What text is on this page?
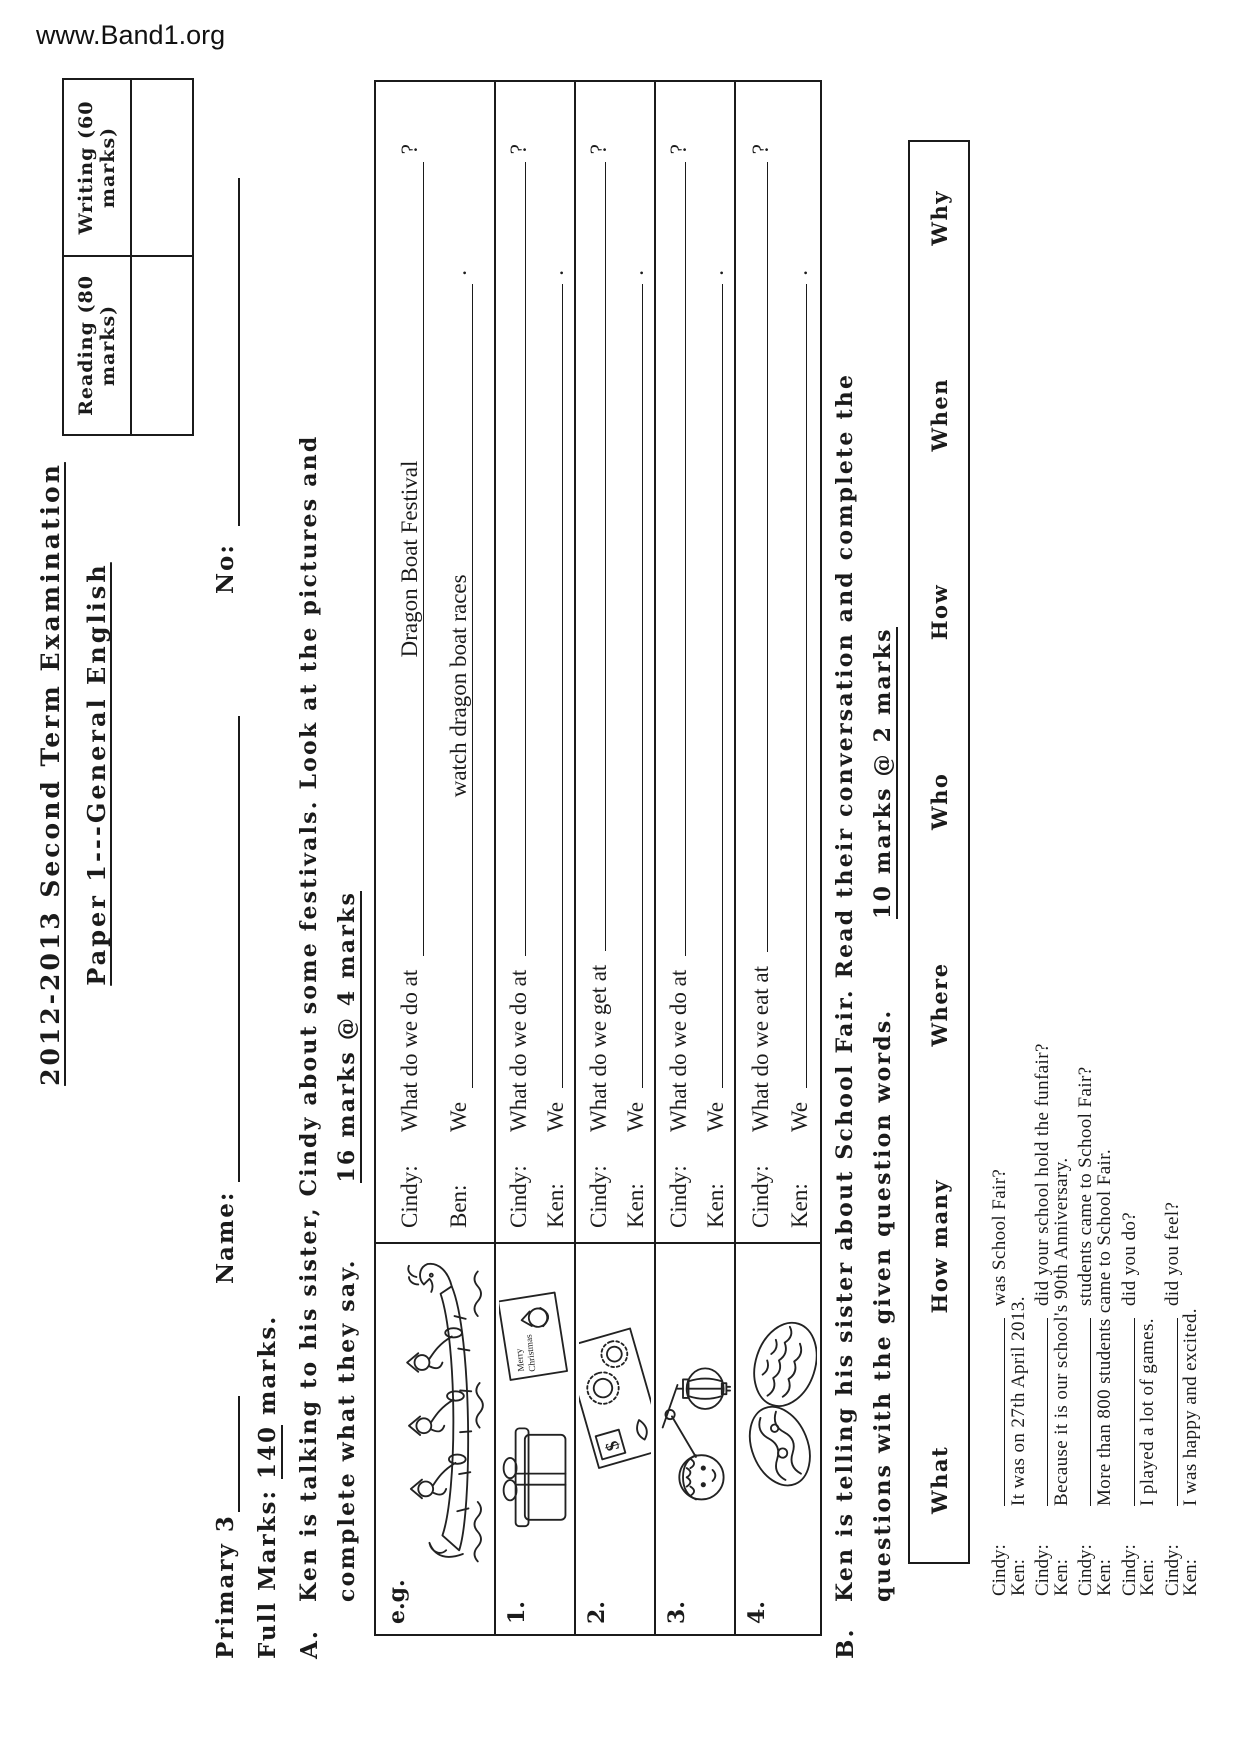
www.Band1.org
2012-2013 Second Term Examination Paper 1---General English
Reading (80 marks)
Writing (60 marks)
Primary 3
Name:
No:
Full Marks: 140 marks.
A.
Ken is talking to his sister, Cindy about some festivals. Look at the pictures and complete what they say.  16 marks @ 4 marks
e.g.
Cindy:
What do we do at
Dragon Boat Festival
?
Ben:
We
watch dragon boat races
.
1.
Merry
Christmas
Cindy:
What do we do at
?
Ken:
We
.
2.
$
Cindy:
What do we get at
?
Ken:
We
.
3.
Cindy:
What do we do at
?
Ken:
We
.
4.
Cindy:
What do we eat at
?
Ken:
We
.
B.
Ken is telling his sister about School Fair. Read their conversation and complete the questions with the given question words.  10 marks @ 2 marks
What
How many
Where
Who
How
When
Why
Cindy:
was School Fair?
Ken:
It was on 27th April 2013.
Cindy:
did your school hold the funfair?
Ken:
Because it is our school's 90th Anniversary.
Cindy:
students came to School Fair?
Ken:
More than 800 students came to School Fair.
Cindy:
did you do?
Ken:
I played a lot of games.
Cindy:
did you feel?
Ken:
I was happy and excited.
